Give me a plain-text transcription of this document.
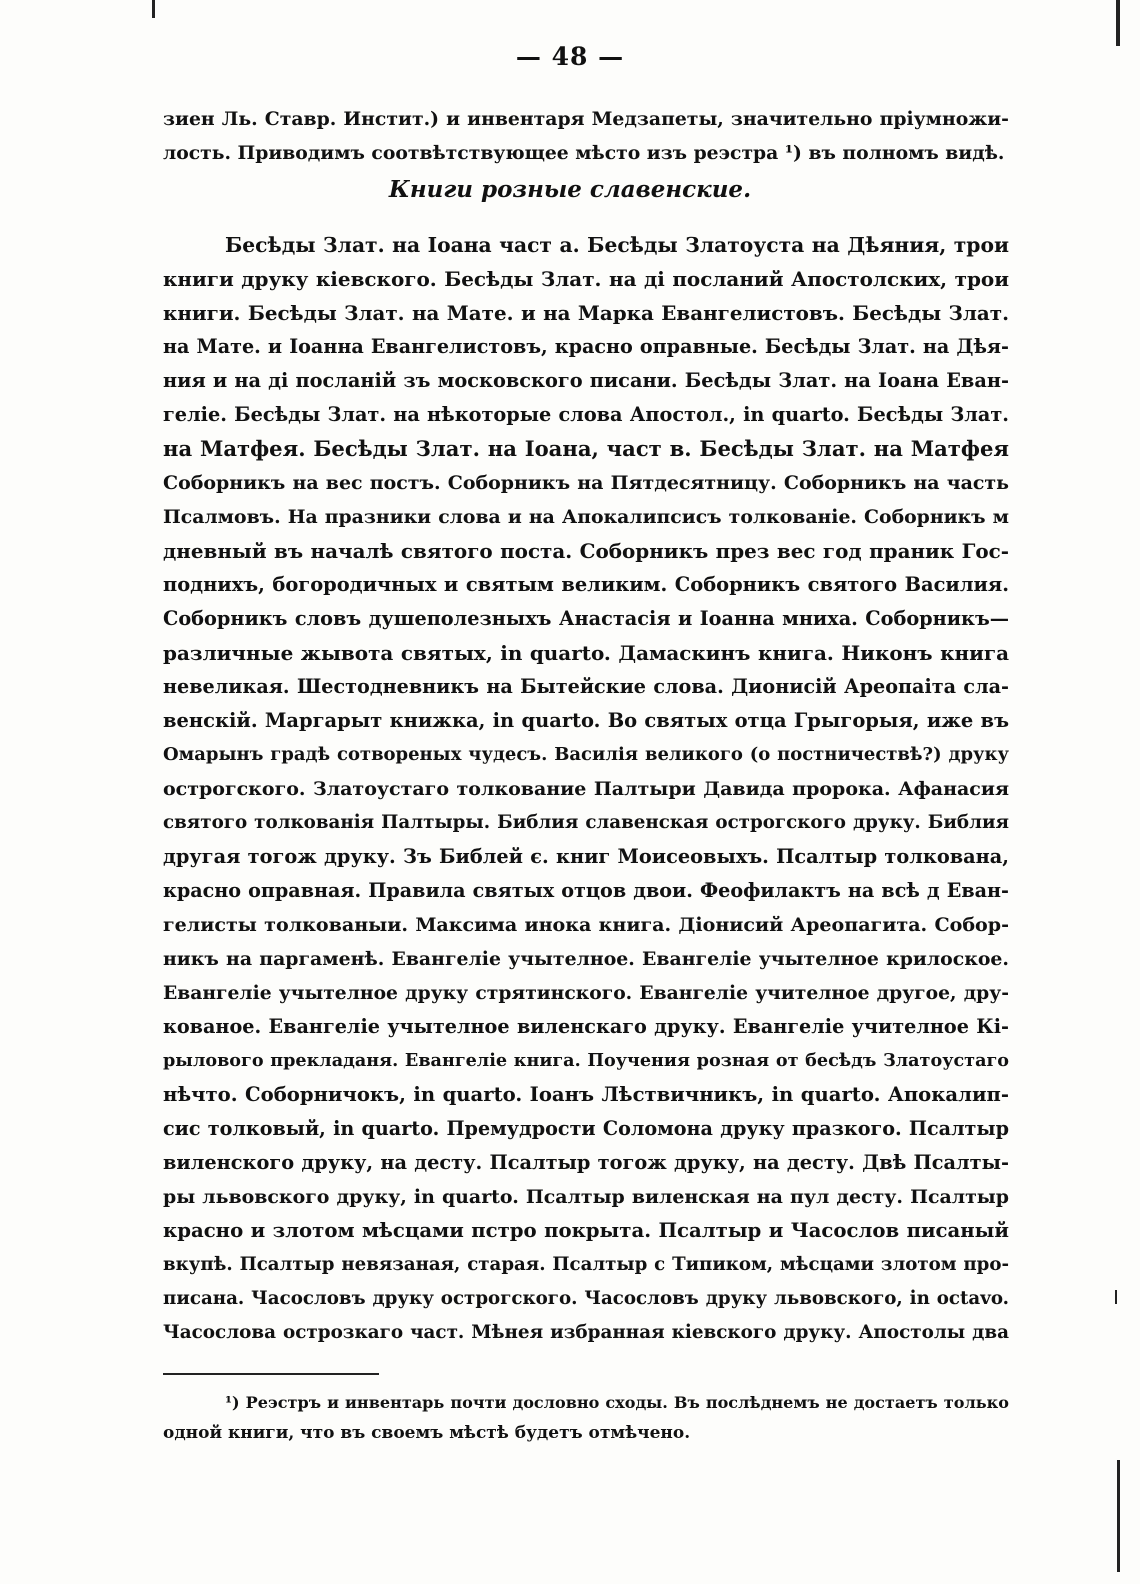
— 48 —
зиен Ль. Ставр. Инстит.) и инвентаря Медзапеты, значительно пріумножи-
лость. Приводимъ соотвѣтствующее мѣсто изъ реэстра ¹) въ полномъ видѣ.
Книги розные славенские.
Бесѣды Злат. на Іоана част а. Бесѣды Златоуста на Дѣяния, трои
книги друку кіевского. Бесѣды Злат. на ді посланий Апостолских, трои
книги. Бесѣды Злат. на Мате. и на Марка Евангелистовъ. Бесѣды Злат.
на Мате. и Іоанна Евангелистовъ, красно оправные. Бесѣды Злат. на Дѣя-
ния и на ді посланій зъ московского писани. Бесѣды Злат. на Іоана Еван-
геліе. Бесѣды Злат. на нѣкоторые слова Апостол., in quarto. Бесѣды Злат.
на Матфея. Бесѣды Злат. на Іоана, част в. Бесѣды Злат. на Матфея
Соборникъ на вес постъ. Соборникъ на Пятдесятницу. Соборникъ на часть
Псалмовъ. На празники слова и на Апокалипсисъ толкованіе. Соборникъ м
дневный въ началѣ святого поста. Соборникъ през вес год праник Гос-
поднихъ, богородичных и святым великим. Соборникъ святого Василия.
Соборникъ словъ душеполезныхъ Анастасія и Іоанна мниха. Соборникъ—
различные жывота святых, in quarto. Дамаскинъ книга. Никонъ книга
невеликая. Шестодневникъ на Бытейские слова. Дионисій Ареопаіта сла-
венскій. Маргарыт книжка, in quarto. Во святых отца Грыгорыя, иже въ
Омарынъ градѣ сотвореных чудесъ. Василія великого (о постничествѣ?) друку
острогского. Златоустаго толкование Палтыри Давида пророка. Афанасия
святого толкованія Палтыры. Библия славенская острогского друку. Библия
другая тогож друку. Зъ Библей є. книг Моисеовыхъ. Псалтыр толкована,
красно оправная. Правила святых отцов двои. Феофилактъ на всѣ д Еван-
гелисты толкованыи. Максима инока книга. Діонисий Ареопагита. Собор-
никъ на паргаменѣ. Евангеліе учытелное. Евангеліе учытелное крилоское.
Евангеліе учытелное друку стрятинского. Евангеліе учителное другое, дру-
кованое. Евангеліе учытелное виленскаго друку. Евангеліе учителное Кі-
рылового прекладаня. Евангеліе книга. Поучения розная от бесѣдъ Златоустаго
нѣчто. Соборничокъ, in quarto. Іоанъ Лѣствичникъ, in quarto. Апокалип-
сис толковый, in quarto. Премудрости Соломона друку празкого. Псалтыр
виленского друку, на десту. Псалтыр тогож друку, на десту. Двѣ Псалты-
ры львовского друку, in quarto. Псалтыр виленская на пул десту. Псалтыр
красно и злотом мѣсцами пстро покрыта. Псалтыр и Часослов писаный
вкупѣ. Псалтыр невязаная, старая. Псалтыр с Типиком, мѣсцами злотом про-
писана. Часословъ друку острогского. Часословъ друку львовского, in octavo.
Часослова острозкаго част. Мѣнея избранная кіевского друку. Апостолы два
¹) Реэстръ и инвентарь почти дословно сходы. Въ послѣднемъ не достаетъ только
одной книги, что въ своемъ мѣстѣ будетъ отмѣчено.
